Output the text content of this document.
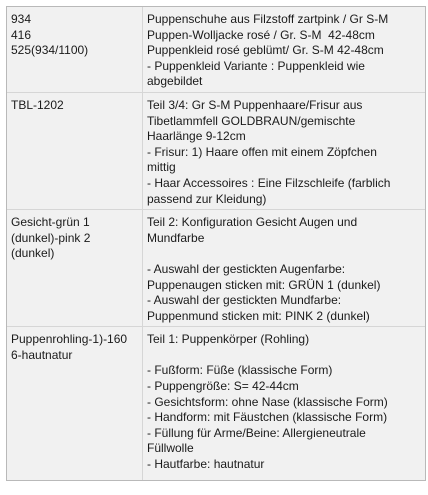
934
416
525(934/1100)
Puppenschuhe aus Filzstoff zartpink / Gr S-M
Puppen-Wolljacke rosé / Gr. S-M  42-48cm
Puppenkleid rosé geblümt/ Gr. S-M 42-48cm
- Puppenkleid Variante : Puppenkleid wie
abgebildet
TBL-1202	Teil 3/4: Gr S-M Puppenhaare/Frisur aus
Tibetlammfell GOLDBRAUN/gemischte
Haarlänge 9-12cm
- Frisur: 1) Haare offen mit einem Zöpfchen
mittig
- Haar Accessoires : Eine Filzschleife (farblich
passend zur Kleidung)
Gesicht-grün 1
(dunkel)-pink 2
(dunkel)
Teil 2: Konfiguration Gesicht Augen und
Mundfarbe
- Auswahl der gestickten Augenfarbe:
Puppenaugen sticken mit: GRÜN 1 (dunkel)
- Auswahl der gestickten Mundfarbe:
Puppenmund sticken mit: PINK 2 (dunkel)
Puppenrohling-1)-160
6-hautnatur
Teil 1: Puppenkörper (Rohling)
- Fußform: Füße (klassische Form)
- Puppengröße: S= 42-44cm
- Gesichtsform: ohne Nase (klassische Form)
- Handform: mit Fäustchen (klassische Form)
- Füllung für Arme/Beine: Allergieneutrale
Füllwolle
- Hautfarbe: hautnatur
